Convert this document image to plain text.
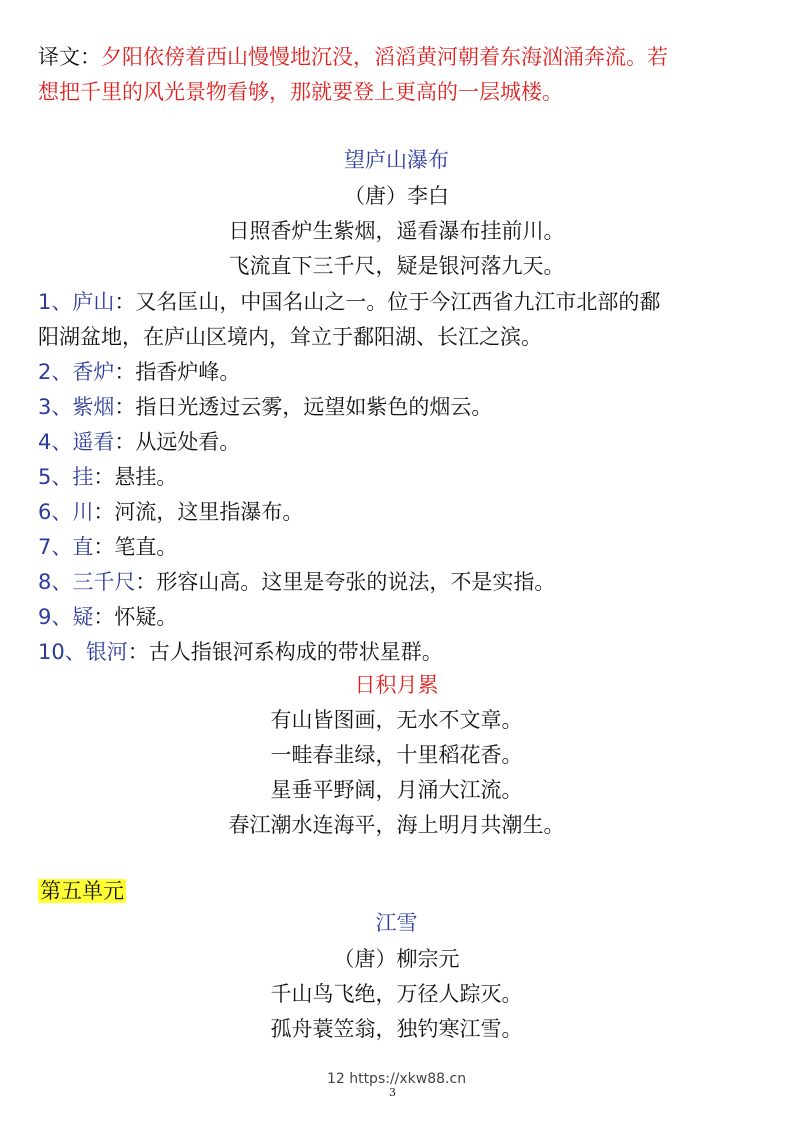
译文：夕阳依傍着西山慢慢地沉没，滔滔黄河朝着东海汹涌奔流。若
想把千里的风光景物看够，那就要登上更高的一层城楼。
望庐山瀑布
（唐）李白
日照香炉生紫烟，遥看瀑布挂前川。
飞流直下三千尺，疑是银河落九天。
1、庐山：又名匡山，中国名山之一。位于今江西省九江市北部的鄱
阳湖盆地，在庐山区境内，耸立于鄱阳湖、长江之滨。
2、香炉：指香炉峰。
3、紫烟：指日光透过云雾，远望如紫色的烟云。
4、遥看：从远处看。
5、挂：悬挂。
6、川：河流，这里指瀑布。
7、直：笔直。
8、三千尺：形容山高。这里是夸张的说法，不是实指。
9、疑：怀疑。
10、银河：古人指银河系构成的带状星群。
日积月累
有山皆图画，无水不文章。
一畦春韭绿，十里稻花香。
星垂平野阔，月涌大江流。
春江潮水连海平，海上明月共潮生。
第五单元
江雪
（唐）柳宗元
千山鸟飞绝，万径人踪灭。
孤舟蓑笠翁，独钓寒江雪。
12 https://xkw88.cn
3
